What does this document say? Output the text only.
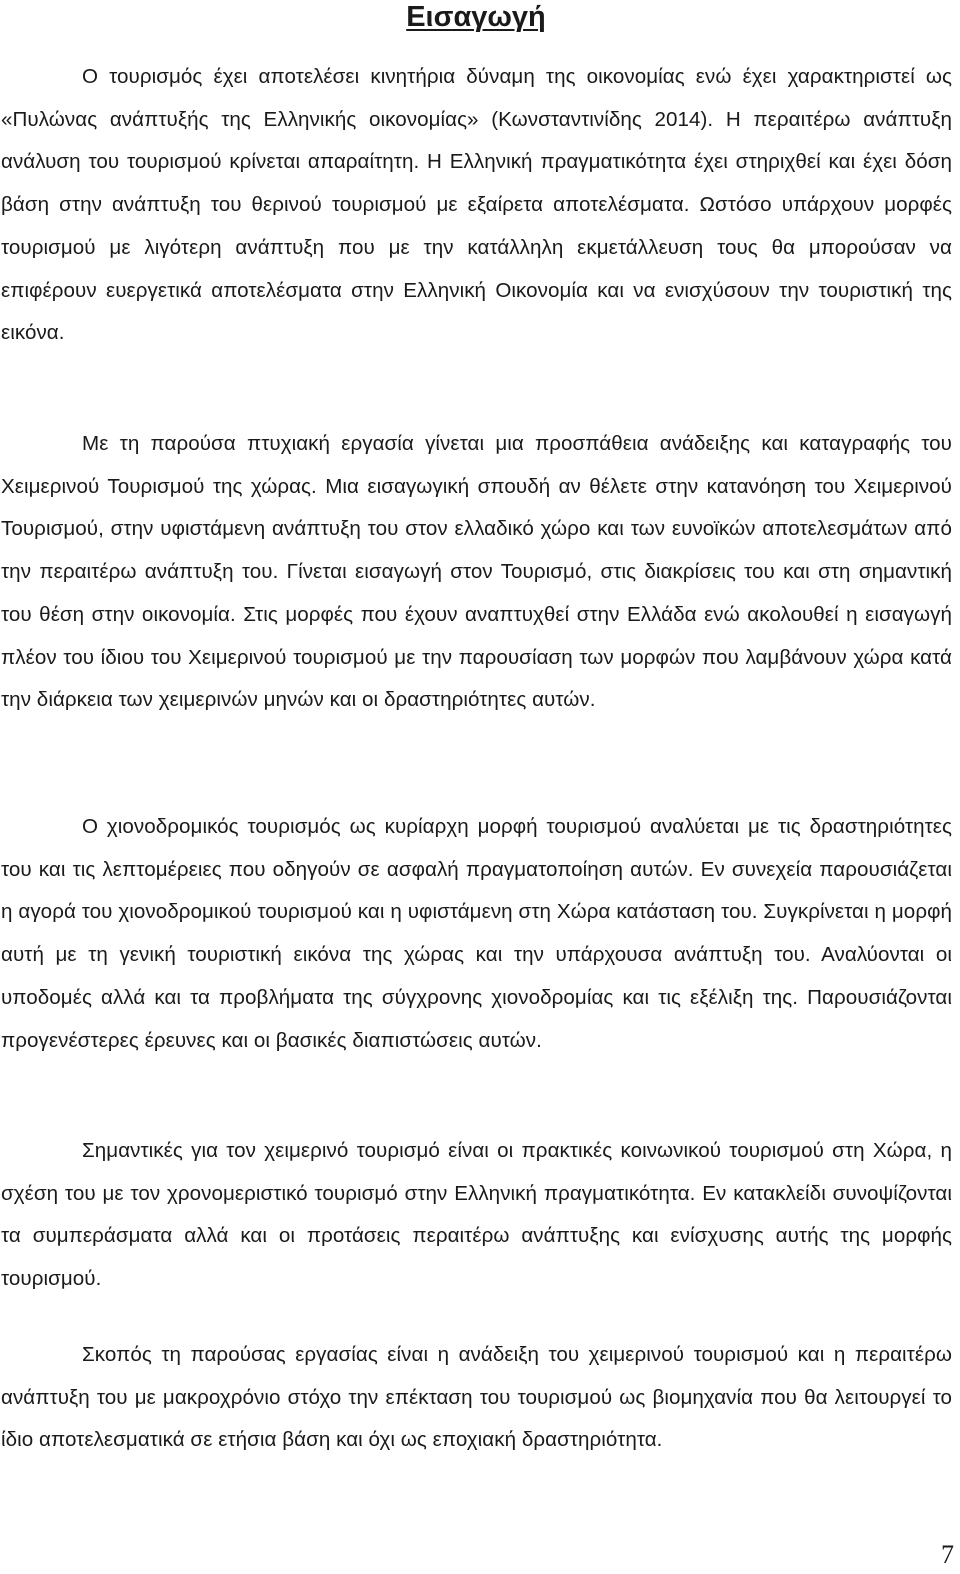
Εισαγωγή

Ο τουρισμός έχει αποτελέσει κινητήρια δύναμη της οικονομίας ενώ έχει χαρακτηριστεί ως «Πυλώνας ανάπτυξής της Ελληνικής οικονομίας» (Κωνσταντινίδης 2014). Η περαιτέρω ανάπτυξη ανάλυση του τουρισμού κρίνεται απαραίτητη. Η Ελληνική πραγματικότητα έχει στηριχθεί και έχει δόση βάση στην ανάπτυξη του θερινού τουρισμού με εξαίρετα αποτελέσματα. Ωστόσο υπάρχουν μορφές τουρισμού με λιγότερη ανάπτυξη που με την κατάλληλη εκμετάλλευση τους θα μπορούσαν να επιφέρουν ευεργετικά αποτελέσματα στην Ελληνική Οικονομία και να ενισχύσουν την τουριστική της εικόνα.

Με τη παρούσα πτυχιακή εργασία γίνεται μια προσπάθεια ανάδειξης και καταγραφής του Χειμερινού Τουρισμού της χώρας. Μια εισαγωγική σπουδή αν θέλετε στην κατανόηση του Χειμερινού Τουρισμού, στην υφιστάμενη ανάπτυξη του στον ελλαδικό χώρο και των ευνοϊκών αποτελεσμάτων από την περαιτέρω ανάπτυξη του. Γίνεται εισαγωγή στον Τουρισμό, στις διακρίσεις του και στη σημαντική του θέση στην οικονομία. Στις μορφές που έχουν αναπτυχθεί στην Ελλάδα ενώ ακολουθεί η εισαγωγή πλέον του ίδιου του Χειμερινού τουρισμού με την παρουσίαση των μορφών που λαμβάνουν χώρα κατά την διάρκεια των χειμερινών μηνών και οι δραστηριότητες αυτών.

Ο χιονοδρομικός τουρισμός ως κυρίαρχη μορφή τουρισμού αναλύεται με τις δραστηριότητες του και τις λεπτομέρειες που οδηγούν σε ασφαλή πραγματοποίηση αυτών. Εν συνεχεία παρουσιάζεται η αγορά του χιονοδρομικού τουρισμού και η υφιστάμενη στη Χώρα κατάσταση του. Συγκρίνεται η μορφή αυτή με τη γενική τουριστική εικόνα της χώρας και την υπάρχουσα ανάπτυξη του. Αναλύονται οι υποδομές αλλά και τα προβλήματα της σύγχρονης χιονοδρομίας και τις εξέλιξη της. Παρουσιάζονται προγενέστερες έρευνες και οι βασικές διαπιστώσεις αυτών.

Σημαντικές για τον χειμερινό τουρισμό είναι οι πρακτικές κοινωνικού τουρισμού στη Χώρα, η σχέση του με τον χρονομεριστικό τουρισμό στην Ελληνική πραγματικότητα. Εν κατακλείδι συνοψίζονται τα συμπεράσματα αλλά και οι προτάσεις περαιτέρω ανάπτυξης και ενίσχυσης αυτής της μορφής τουρισμού.

Σκοπός τη παρούσας εργασίας είναι η ανάδειξη του χειμερινού τουρισμού και η περαιτέρω ανάπτυξη του με μακροχρόνιο στόχο την επέκταση του τουρισμού ως βιομηχανία που θα λειτουργεί το ίδιο αποτελεσματικά σε ετήσια βάση και όχι ως εποχιακή δραστηριότητα.

7
